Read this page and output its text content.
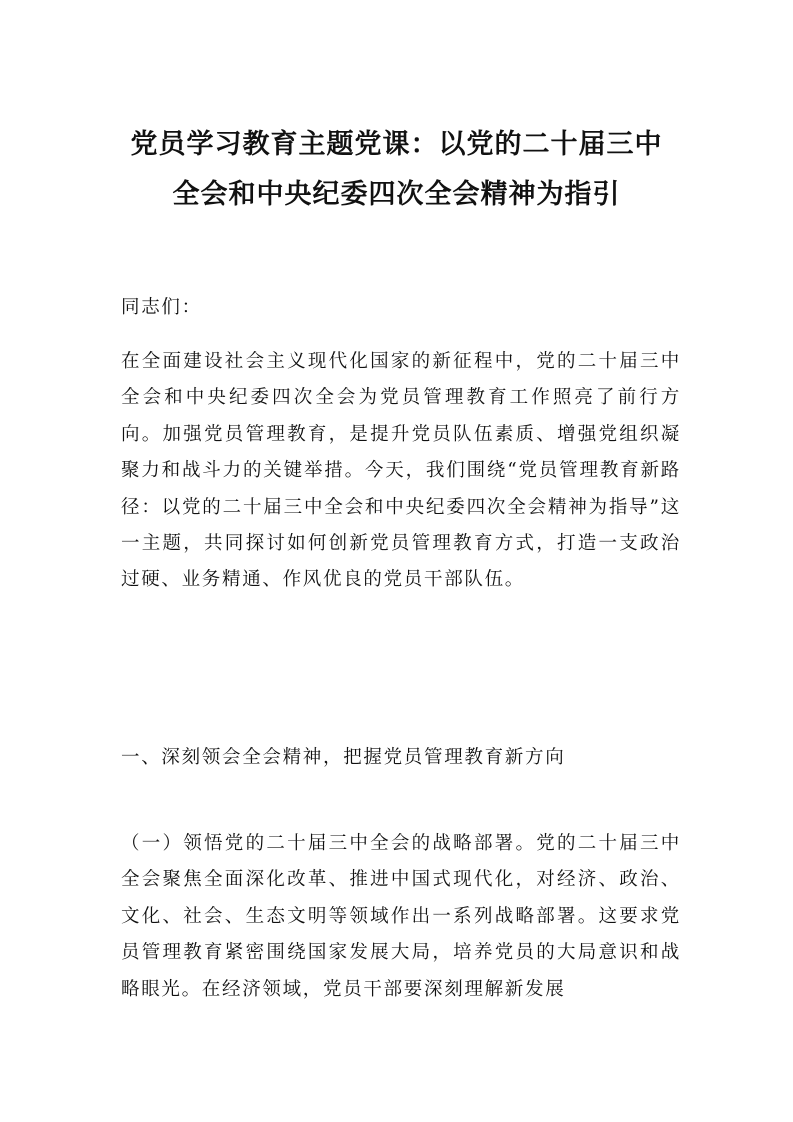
党员学习教育主题党课：以党的二十届三中
全会和中央纪委四次全会精神为指引

同志们：

在全面建设社会主义现代化国家的新征程中，党的二十届三中全会和中央纪委四次全会为党员管理教育工作照亮了前行方向。加强党员管理教育，是提升党员队伍素质、增强党组织凝聚力和战斗力的关键举措。今天，我们围绕“党员管理教育新路径：以党的二十届三中全会和中央纪委四次全会精神为指导”这一主题，共同探讨如何创新党员管理教育方式，打造一支政治过硬、业务精通、作风优良的党员干部队伍。

一、深刻领会全会精神，把握党员管理教育新方向

（一）领悟党的二十届三中全会的战略部署。党的二十届三中全会聚焦全面深化改革、推进中国式现代化，对经济、政治、文化、社会、生态文明等领域作出一系列战略部署。这要求党员管理教育紧密围绕国家发展大局，培养党员的大局意识和战略眼光。在经济领域，党员干部要深刻理解新发展
